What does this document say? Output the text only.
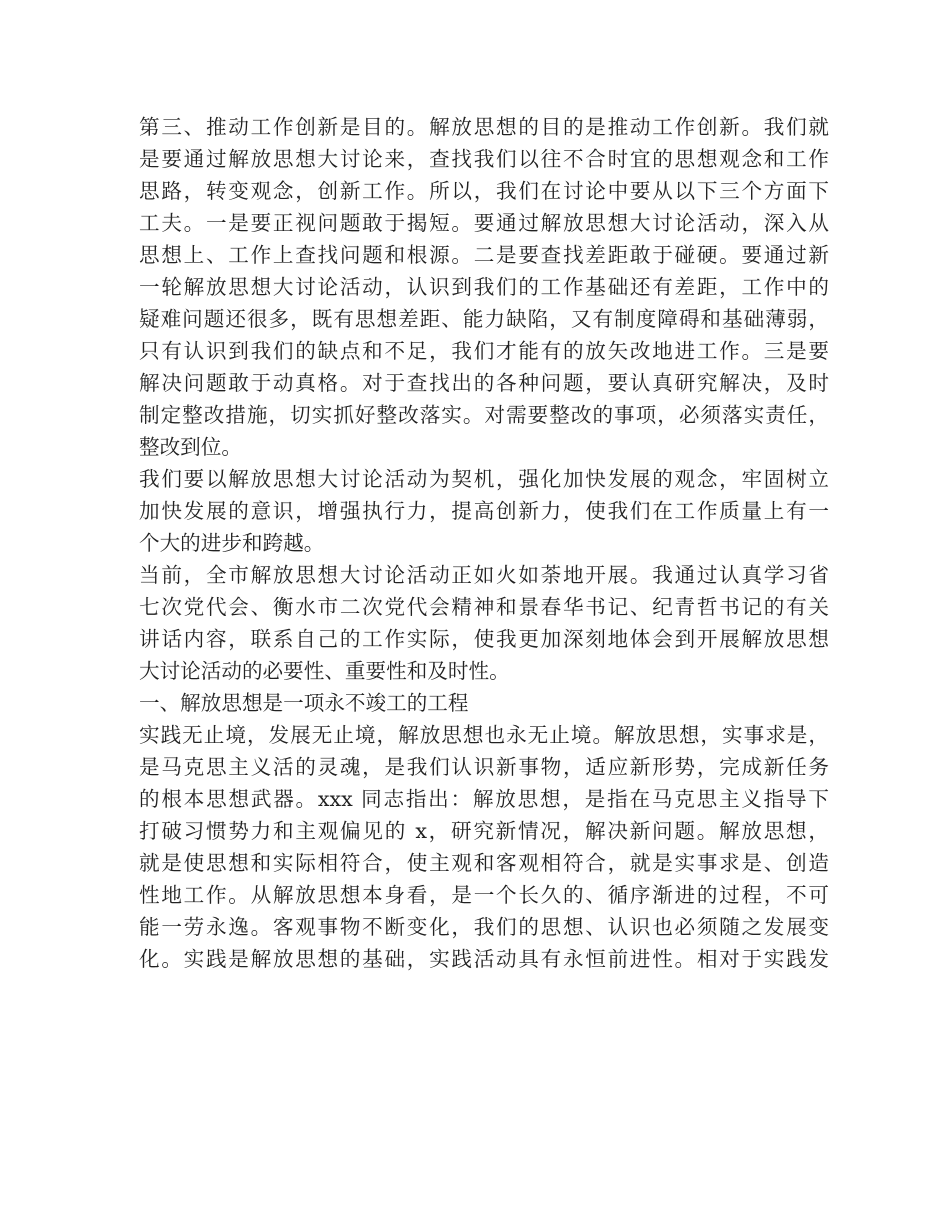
第三、推动工作创新是目的。解放思想的目的是推动工作创新。我们就
是要通过解放思想大讨论来，查找我们以往不合时宜的思想观念和工作
思路，转变观念，创新工作。所以，我们在讨论中要从以下三个方面下
工夫。一是要正视问题敢于揭短。要通过解放思想大讨论活动，深入从
思想上、工作上查找问题和根源。二是要查找差距敢于碰硬。要通过新
一轮解放思想大讨论活动，认识到我们的工作基础还有差距，工作中的
疑难问题还很多，既有思想差距、能力缺陷，又有制度障碍和基础薄弱，
只有认识到我们的缺点和不足，我们才能有的放矢改地进工作。三是要
解决问题敢于动真格。对于查找出的各种问题，要认真研究解决，及时
制定整改措施，切实抓好整改落实。对需要整改的事项，必须落实责任，
整改到位。
我们要以解放思想大讨论活动为契机，强化加快发展的观念，牢固树立
加快发展的意识，增强执行力，提高创新力，使我们在工作质量上有一
个大的进步和跨越。
当前，全市解放思想大讨论活动正如火如荼地开展。我通过认真学习省
七次党代会、衡水市二次党代会精神和景春华书记、纪青哲书记的有关
讲话内容，联系自己的工作实际，使我更加深刻地体会到开展解放思想
大讨论活动的必要性、重要性和及时性。
一、解放思想是一项永不竣工的工程
实践无止境，发展无止境，解放思想也永无止境。解放思想，实事求是，
是马克思主义活的灵魂，是我们认识新事物，适应新形势，完成新任务
的根本思想武器。xxx 同志指出：解放思想，是指在马克思主义指导下
打破习惯势力和主观偏见的 x，研究新情况，解决新问题。解放思想，
就是使思想和实际相符合，使主观和客观相符合，就是实事求是、创造
性地工作。从解放思想本身看，是一个长久的、循序渐进的过程，不可
能一劳永逸。客观事物不断变化，我们的思想、认识也必须随之发展变
化。实践是解放思想的基础，实践活动具有永恒前进性。相对于实践发
